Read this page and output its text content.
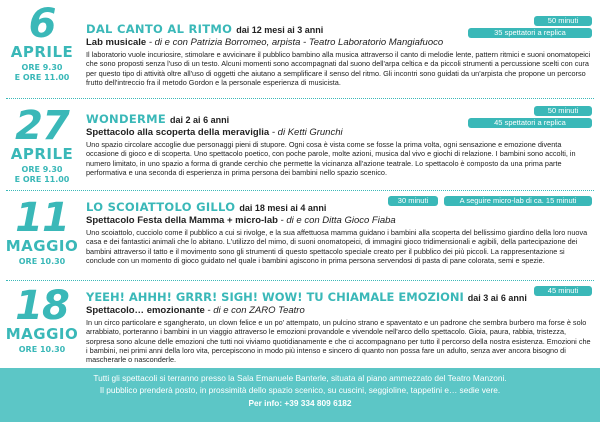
6
APRILE
ORE 9.30
E ORE 11.00
DAL CANTO AL RITMO dai 12 mesi ai 3 anni
Lab musicale - di e con Patrizia Borromeo, arpista - Teatro Laboratorio Mangiafuoco

Il laboratorio vuole incuriosire, stimolare e avvicinare il pubblico bambino alla musica attraverso il canto di melodie lente, pattern ritmici e suoni onomatopeici che sono proposti senza l'uso di un testo. Alcuni momenti sono accompagnati dal suono dell'arpa celtica e da piccoli strumenti a percussione scelti con cura per questo tipo di attività oltre all'uso di oggetti che aiutano a semplificare il senso del ritmo. Gli incontri sono guidati da un'arpista che propone un percorso frutto dell'intreccio fra il metodo Gordon e la personale esperienza di musicista.

50 minuti
35 spettatori a replica
27
APRILE
ORE 9.30
E ORE 11.00
WONDERME dai 2 ai 6 anni
Spettacolo alla scoperta della meraviglia - di Ketti Grunchi

Uno spazio circolare accoglie due personaggi pieni di stupore. Ogni cosa è vista come se fosse la prima volta, ogni sensazione e emozione diventa occasione di gioco e di scoperta. Uno spettacolo poetico, con poche parole, molte azioni, musica dal vivo e giochi di relazione. I bambini sono accolti, in numero limitato, in uno spazio a forma di grande cerchio che permette la vicinanza all'azione teatrale. Lo spettacolo è composto da una prima parte performativa e una seconda di esperienza in prima persona dei bambini nello spazio scenico.

50 minuti
45 spettatori a replica
11
MAGGIO
ORE 10.30
LO SCOIATTOLO GILLO dai 18 mesi ai 4 anni
Spettacolo Festa della Mamma + micro-lab - di e con Ditta Gioco Fiaba

Uno scoiattolo, cucciolo come il pubblico a cui si rivolge, e la sua affettuosa mamma guidano i bambini alla scoperta del bellissimo giardino della loro nuova casa e dei fantastici animali che lo abitano. L'utilizzo del mimo, di suoni onomatopeici, di immagini gioco tridimensionali e agibili, della partecipazione dei bambini attraverso il tatto e il movimento sono gli strumenti di questo spettacolo speciale creato per il pubblico dei più piccoli. La rappresentazione si conclude con un momento di gioco guidato nel quale i bambini agiscono in prima persona servendosi di pasta di pane colorata, semi e spezie.

30 minuti	A seguire micro-lab di ca. 15 minuti
18
MAGGIO
ORE 10.30
YEEH! AHHH! GRRR! SIGH! WOW! TU CHIAMALE EMOZIONI dai 3 ai 6 anni
Spettacolo… emozionante - di e con ZARO Teatro

In un circo particolare e sgangherato, un clown felice e un po' attempato, un pulcino strano e spaventato e un padrone che sembra burbero ma forse è solo arrabbiato, porteranno i bambini in un viaggio attraverso le emozioni provandole e vivendole nell'arco dello spettacolo. Gioia, paura, rabbia, tristezza, sorpresa sono alcune delle emozioni che tutti noi viviamo quotidianamente e che ci accompagnano per tutto il percorso della nostra esistenza. Emozioni che i bambini, nei primi anni della loro vita, percepiscono in modo più intenso e sincero di quanto non possa fare un adulto, senza aver ancora bisogno di mascherarle o nasconderle.

45 minuti

Tutti gli spettacoli si terranno presso la Sala Emanuele Banterle, situata al piano ammezzato del Teatro Manzoni.

Il pubblico prenderà posto, in prossimità dello spazio scenico, su cuscini, seggioline, tappetini e… sedie vere.

Per info: +39 334 809 6182
